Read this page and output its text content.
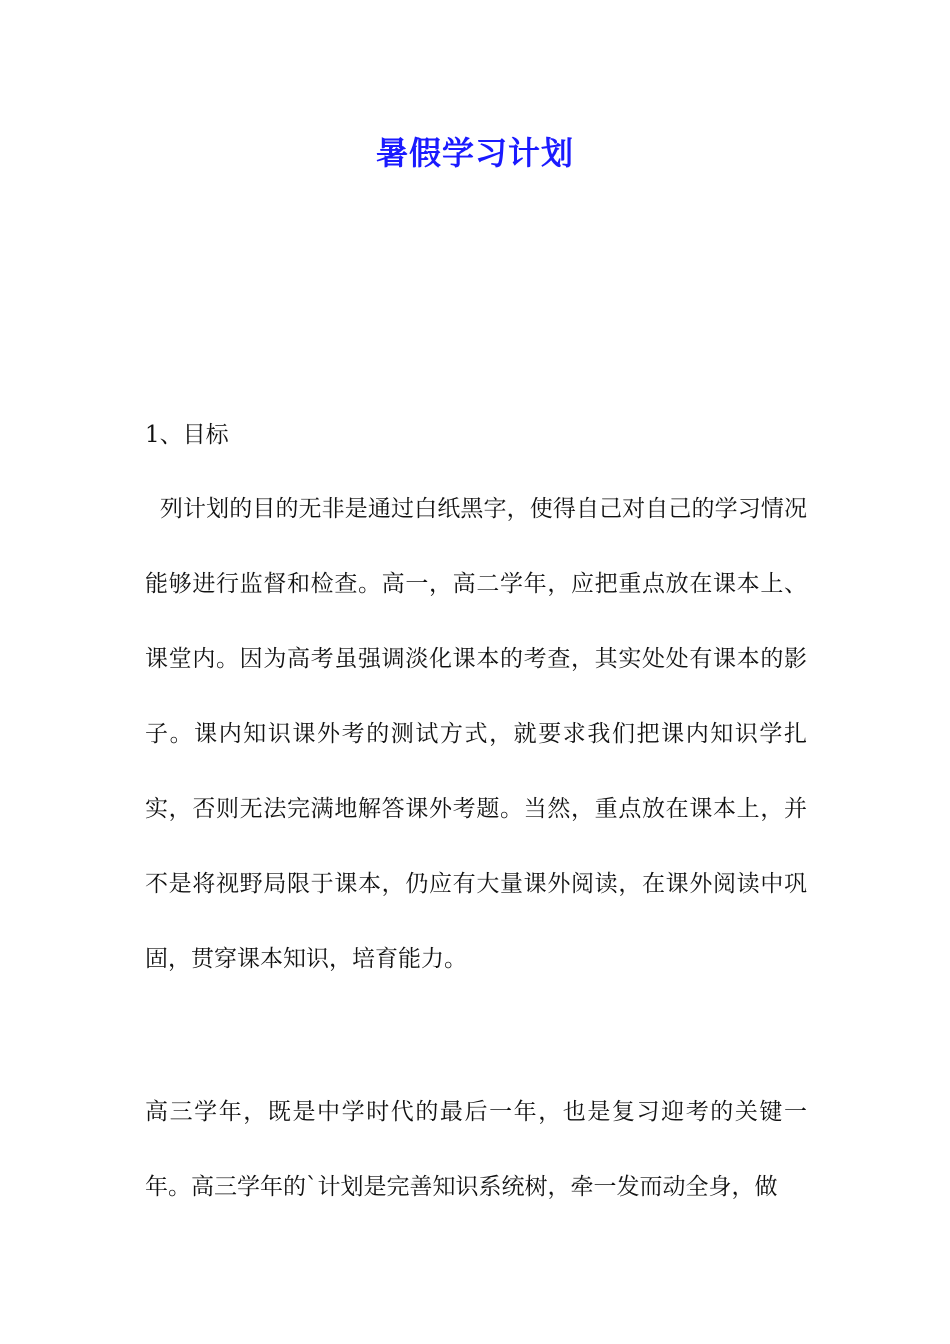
暑假学习计划
1、目标
列计划的目的无非是通过白纸黑字，使得自己对自己的学习情况能够进行监督和检查。高一，高二学年，应把重点放在课本上、课堂内。因为高考虽强调淡化课本的考查，其实处处有课本的影子。课内知识课外考的测试方式，就要求我们把课内知识学扎实，否则无法完满地解答课外考题。当然，重点放在课本上，并不是将视野局限于课本，仍应有大量课外阅读，在课外阅读中巩固，贯穿课本知识，培育能力。
高三学年，既是中学时代的最后一年，也是复习迎考的关键一年。高三学年的`计划是完善知识系统树，牵一发而动全身，做
